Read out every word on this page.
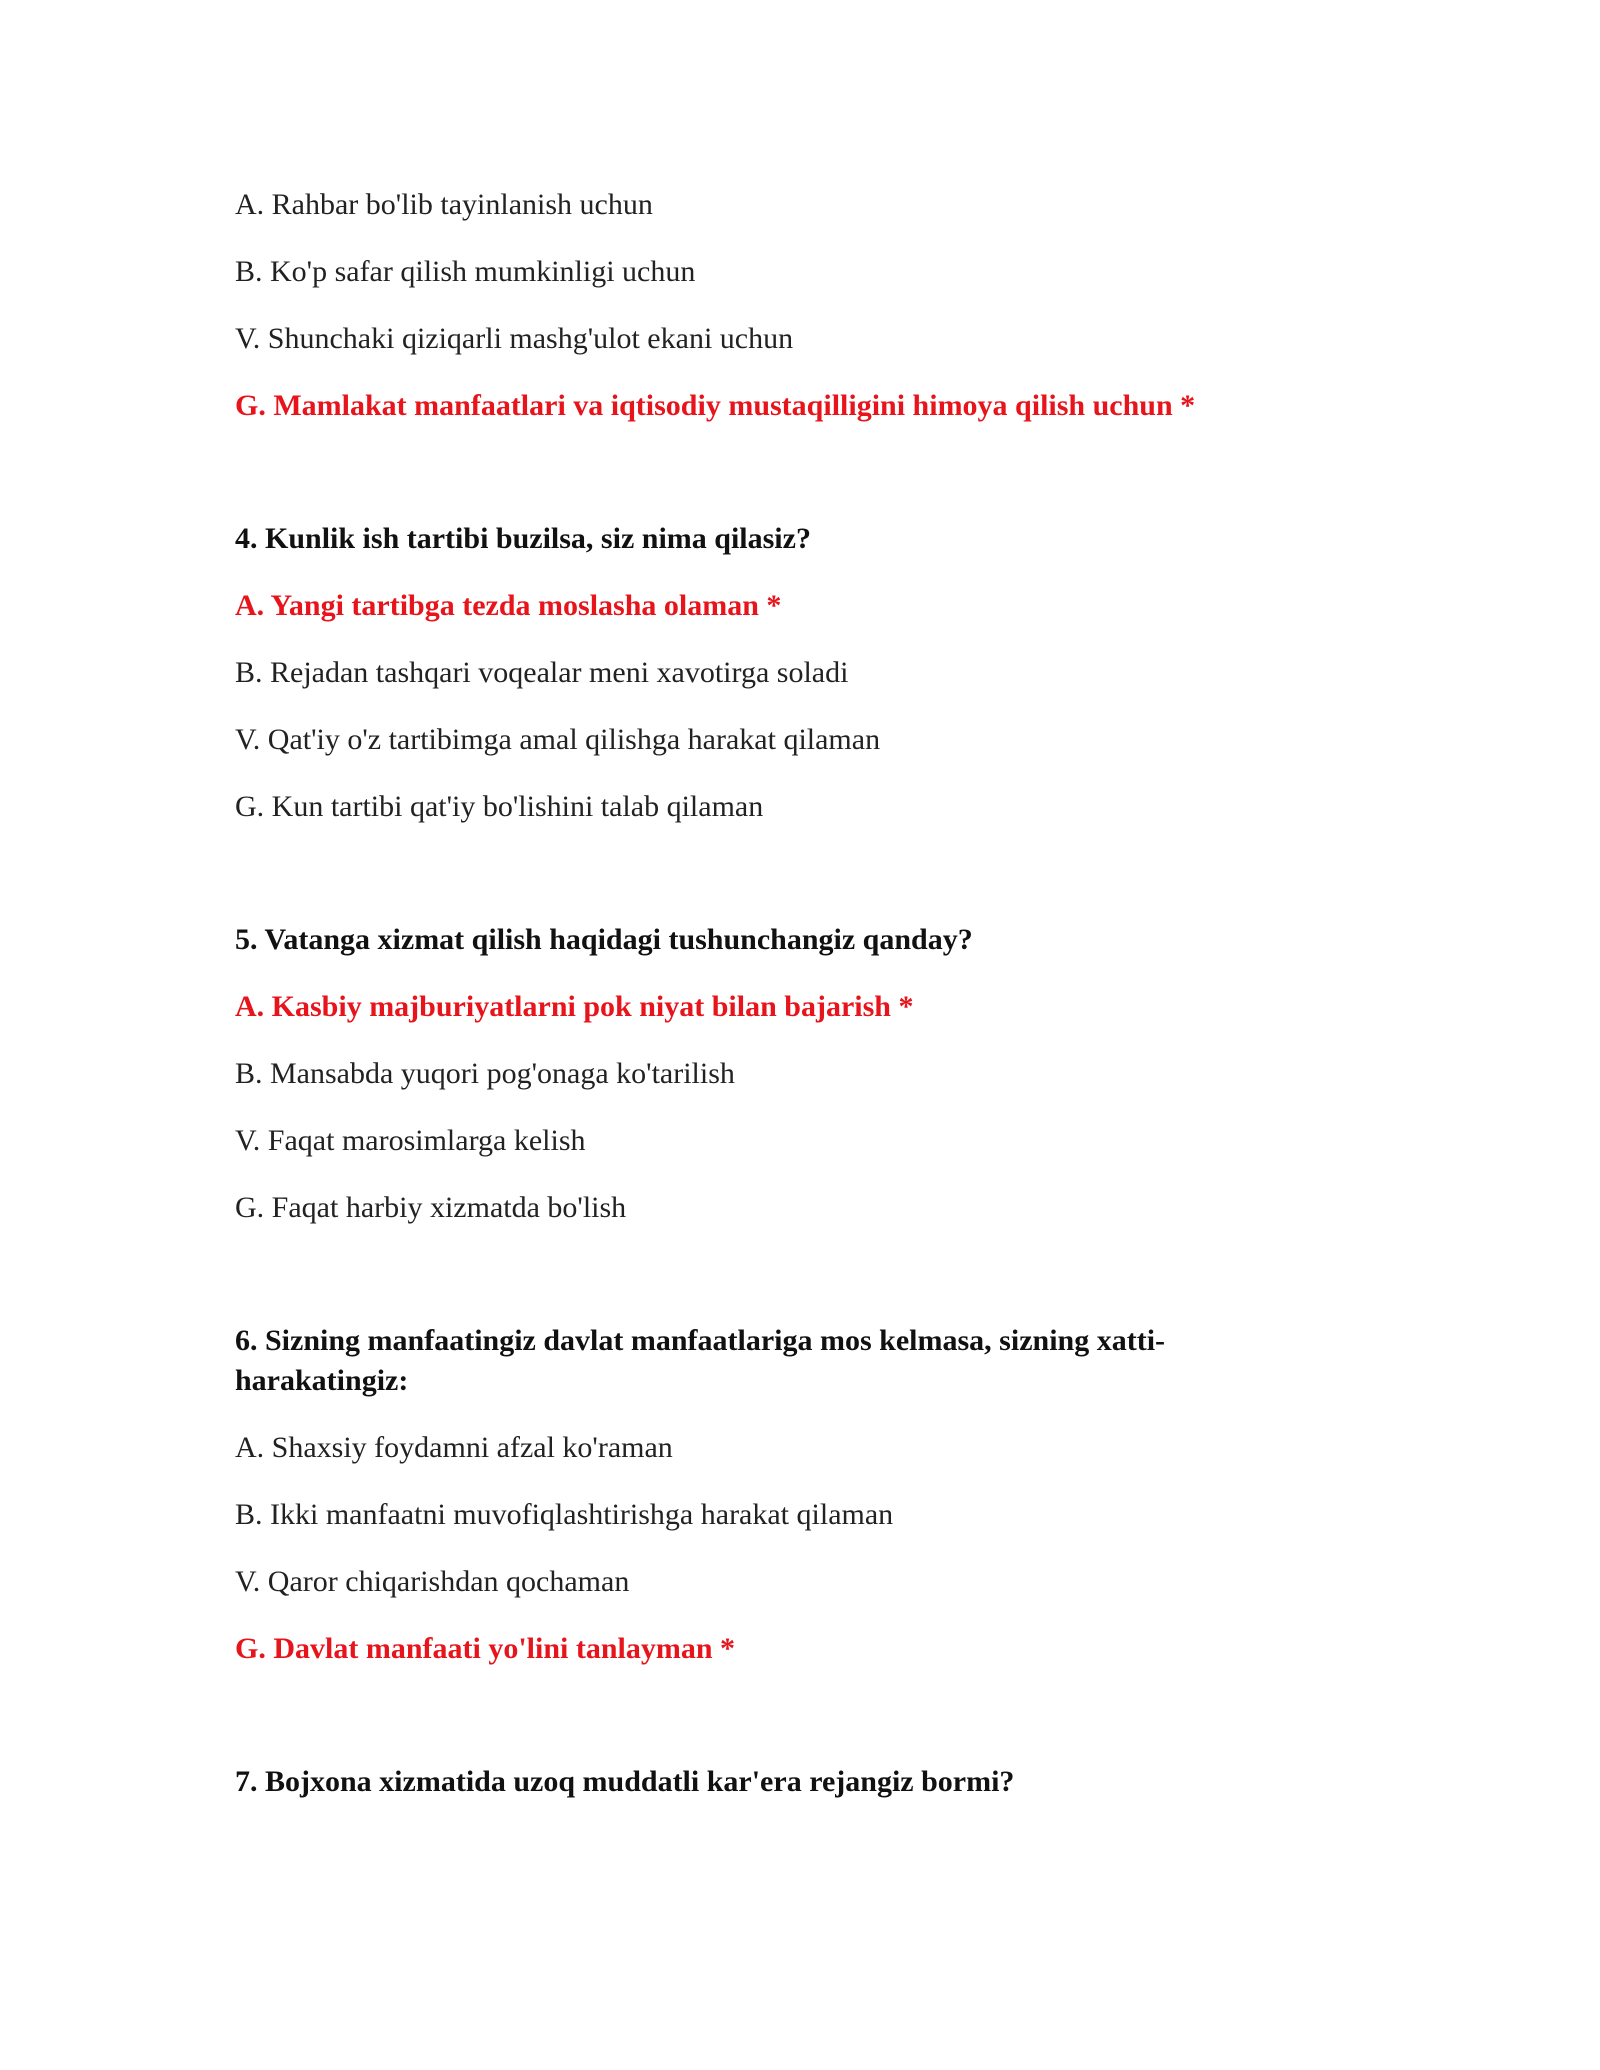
A. Rahbar bo'lib tayinlanish uchun
B. Ko'p safar qilish mumkinligi uchun
V. Shunchaki qiziqarli mashg'ulot ekani uchun
G. Mamlakat manfaatlari va iqtisodiy mustaqilligini himoya qilish uchun *
4. Kunlik ish tartibi buzilsa, siz nima qilasiz?
A. Yangi tartibga tezda moslasha olaman *
B. Rejadan tashqari voqealar meni xavotirga soladi
V. Qat'iy o'z tartibimga amal qilishga harakat qilaman
G. Kun tartibi qat'iy bo'lishini talab qilaman
5. Vatanga xizmat qilish haqidagi tushunchangiz qanday?
A. Kasbiy majburiyatlarni pok niyat bilan bajarish *
B. Mansabda yuqori pog'onaga ko'tarilish
V. Faqat marosimlarga kelish
G. Faqat harbiy xizmatda bo'lish
6. Sizning manfaatingiz davlat manfaatlariga mos kelmasa, sizning xatti-
harakatingiz:
A. Shaxsiy foydamni afzal ko'raman
B. Ikki manfaatni muvofiqlashtirishga harakat qilaman
V. Qaror chiqarishdan qochaman
G. Davlat manfaati yo'lini tanlayman *
7. Bojxona xizmatida uzoq muddatli kar'era rejangiz bormi?
